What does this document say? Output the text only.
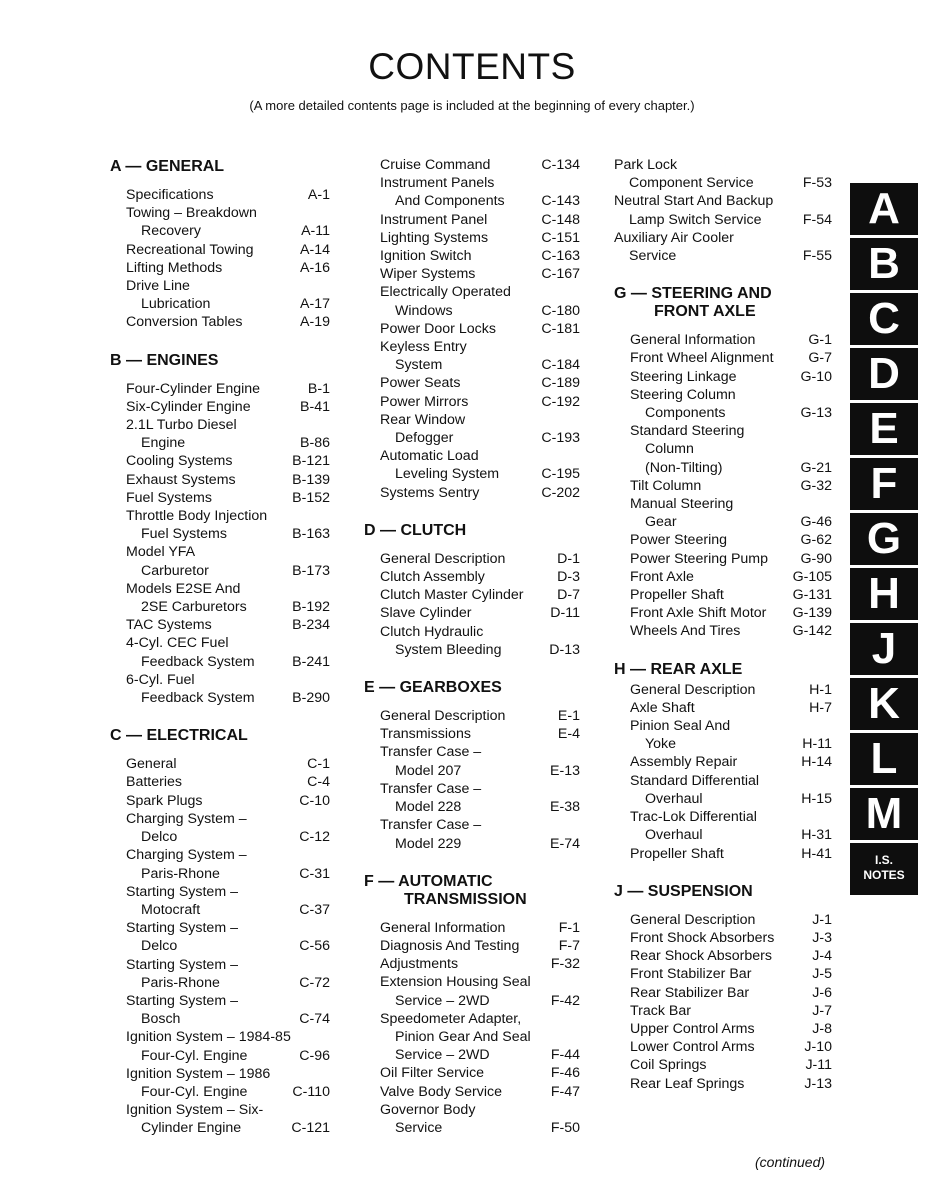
CONTENTS

(A more detailed contents page is included at the beginning of every chapter.)

A — GENERAL
Specifications	A-1
Towing – Breakdown
Recovery	A-11
Recreational Towing	A-14
Lifting Methods	A-16
Drive Line
Lubrication	A-17
Conversion Tables	A-19
B — ENGINES
Four-Cylinder Engine	B-1
Six-Cylinder Engine	B-41
2.1L Turbo Diesel
Engine	B-86
Cooling Systems	B-121
Exhaust Systems	B-139
Fuel Systems	B-152
Throttle Body Injection
Fuel Systems	B-163
Model YFA
Carburetor	B-173
Models E2SE And
2SE Carburetors	B-192
TAC Systems	B-234
4-Cyl. CEC Fuel
Feedback System	B-241
6-Cyl. Fuel
Feedback System	B-290
C — ELECTRICAL
General	C-1
Batteries	C-4
Spark Plugs	C-10
Charging System –
Delco	C-12
Charging System –
Paris-Rhone	C-31
Starting System –
Motocraft	C-37
Starting System –
Delco	C-56
Starting System –
Paris-Rhone	C-72
Starting System –
Bosch	C-74
Ignition System – 1984-85
Four-Cyl. Engine	C-96
Ignition System – 1986
Four-Cyl. Engine	C-110
Ignition System – Six-
Cylinder Engine	C-121
Cruise Command	C-134
Instrument Panels
And Components	C-143
Instrument Panel	C-148
Lighting Systems	C-151
Ignition Switch	C-163
Wiper Systems	C-167
Electrically Operated
Windows	C-180
Power Door Locks	C-181
Keyless Entry
System	C-184
Power Seats	C-189
Power Mirrors	C-192
Rear Window
Defogger	C-193
Automatic Load
Leveling System	C-195
Systems Sentry	C-202
D — CLUTCH
General Description	D-1
Clutch Assembly	D-3
Clutch Master Cylinder	D-7
Slave Cylinder	D-11
Clutch Hydraulic
System Bleeding	D-13
E — GEARBOXES
General Description	E-1
Transmissions	E-4
Transfer Case –
Model 207	E-13
Transfer Case –
Model 228	E-38
Transfer Case –
Model 229	E-74
F — AUTOMATIC

TRANSMISSION
General Information	F-1
Diagnosis And Testing	F-7
Adjustments	F-32
Extension Housing Seal
Service – 2WD	F-42
Speedometer Adapter,
Pinion Gear And Seal
Service – 2WD	F-44
Oil Filter Service	F-46
Valve Body Service	F-47
Governor Body
Service	F-50
Park Lock
Component Service	F-53
Neutral Start And Backup
Lamp Switch Service	F-54
Auxiliary Air Cooler
Service	F-55
G — STEERING AND

FRONT AXLE
General Information	G-1
Front Wheel Alignment	G-7
Steering Linkage	G-10
Steering Column
Components	G-13
Standard Steering
Column
(Non-Tilting)	G-21
Tilt Column	G-32
Manual Steering
Gear	G-46
Power Steering	G-62
Power Steering Pump	G-90
Front Axle	G-105
Propeller Shaft	G-131
Front Axle Shift Motor	G-139
Wheels And Tires	G-142
H — REAR AXLE
General Description	H-1
Axle Shaft	H-7
Pinion Seal And
Yoke	H-11
Assembly Repair	H-14
Standard Differential
Overhaul	H-15
Trac-Lok Differential
Overhaul	H-31
Propeller Shaft	H-41
J — SUSPENSION
General Description	J-1
Front Shock Absorbers	J-3
Rear Shock Absorbers	J-4
Front Stabilizer Bar	J-5
Rear Stabilizer Bar	J-6
Track Bar	J-7
Upper Control Arms	J-8
Lower Control Arms	J-10
Coil Springs	J-11
Rear Leaf Springs	J-13
A
B
C
D
E
F
G
H
J
K
L
M
I.S.
NOTES
(continued)
